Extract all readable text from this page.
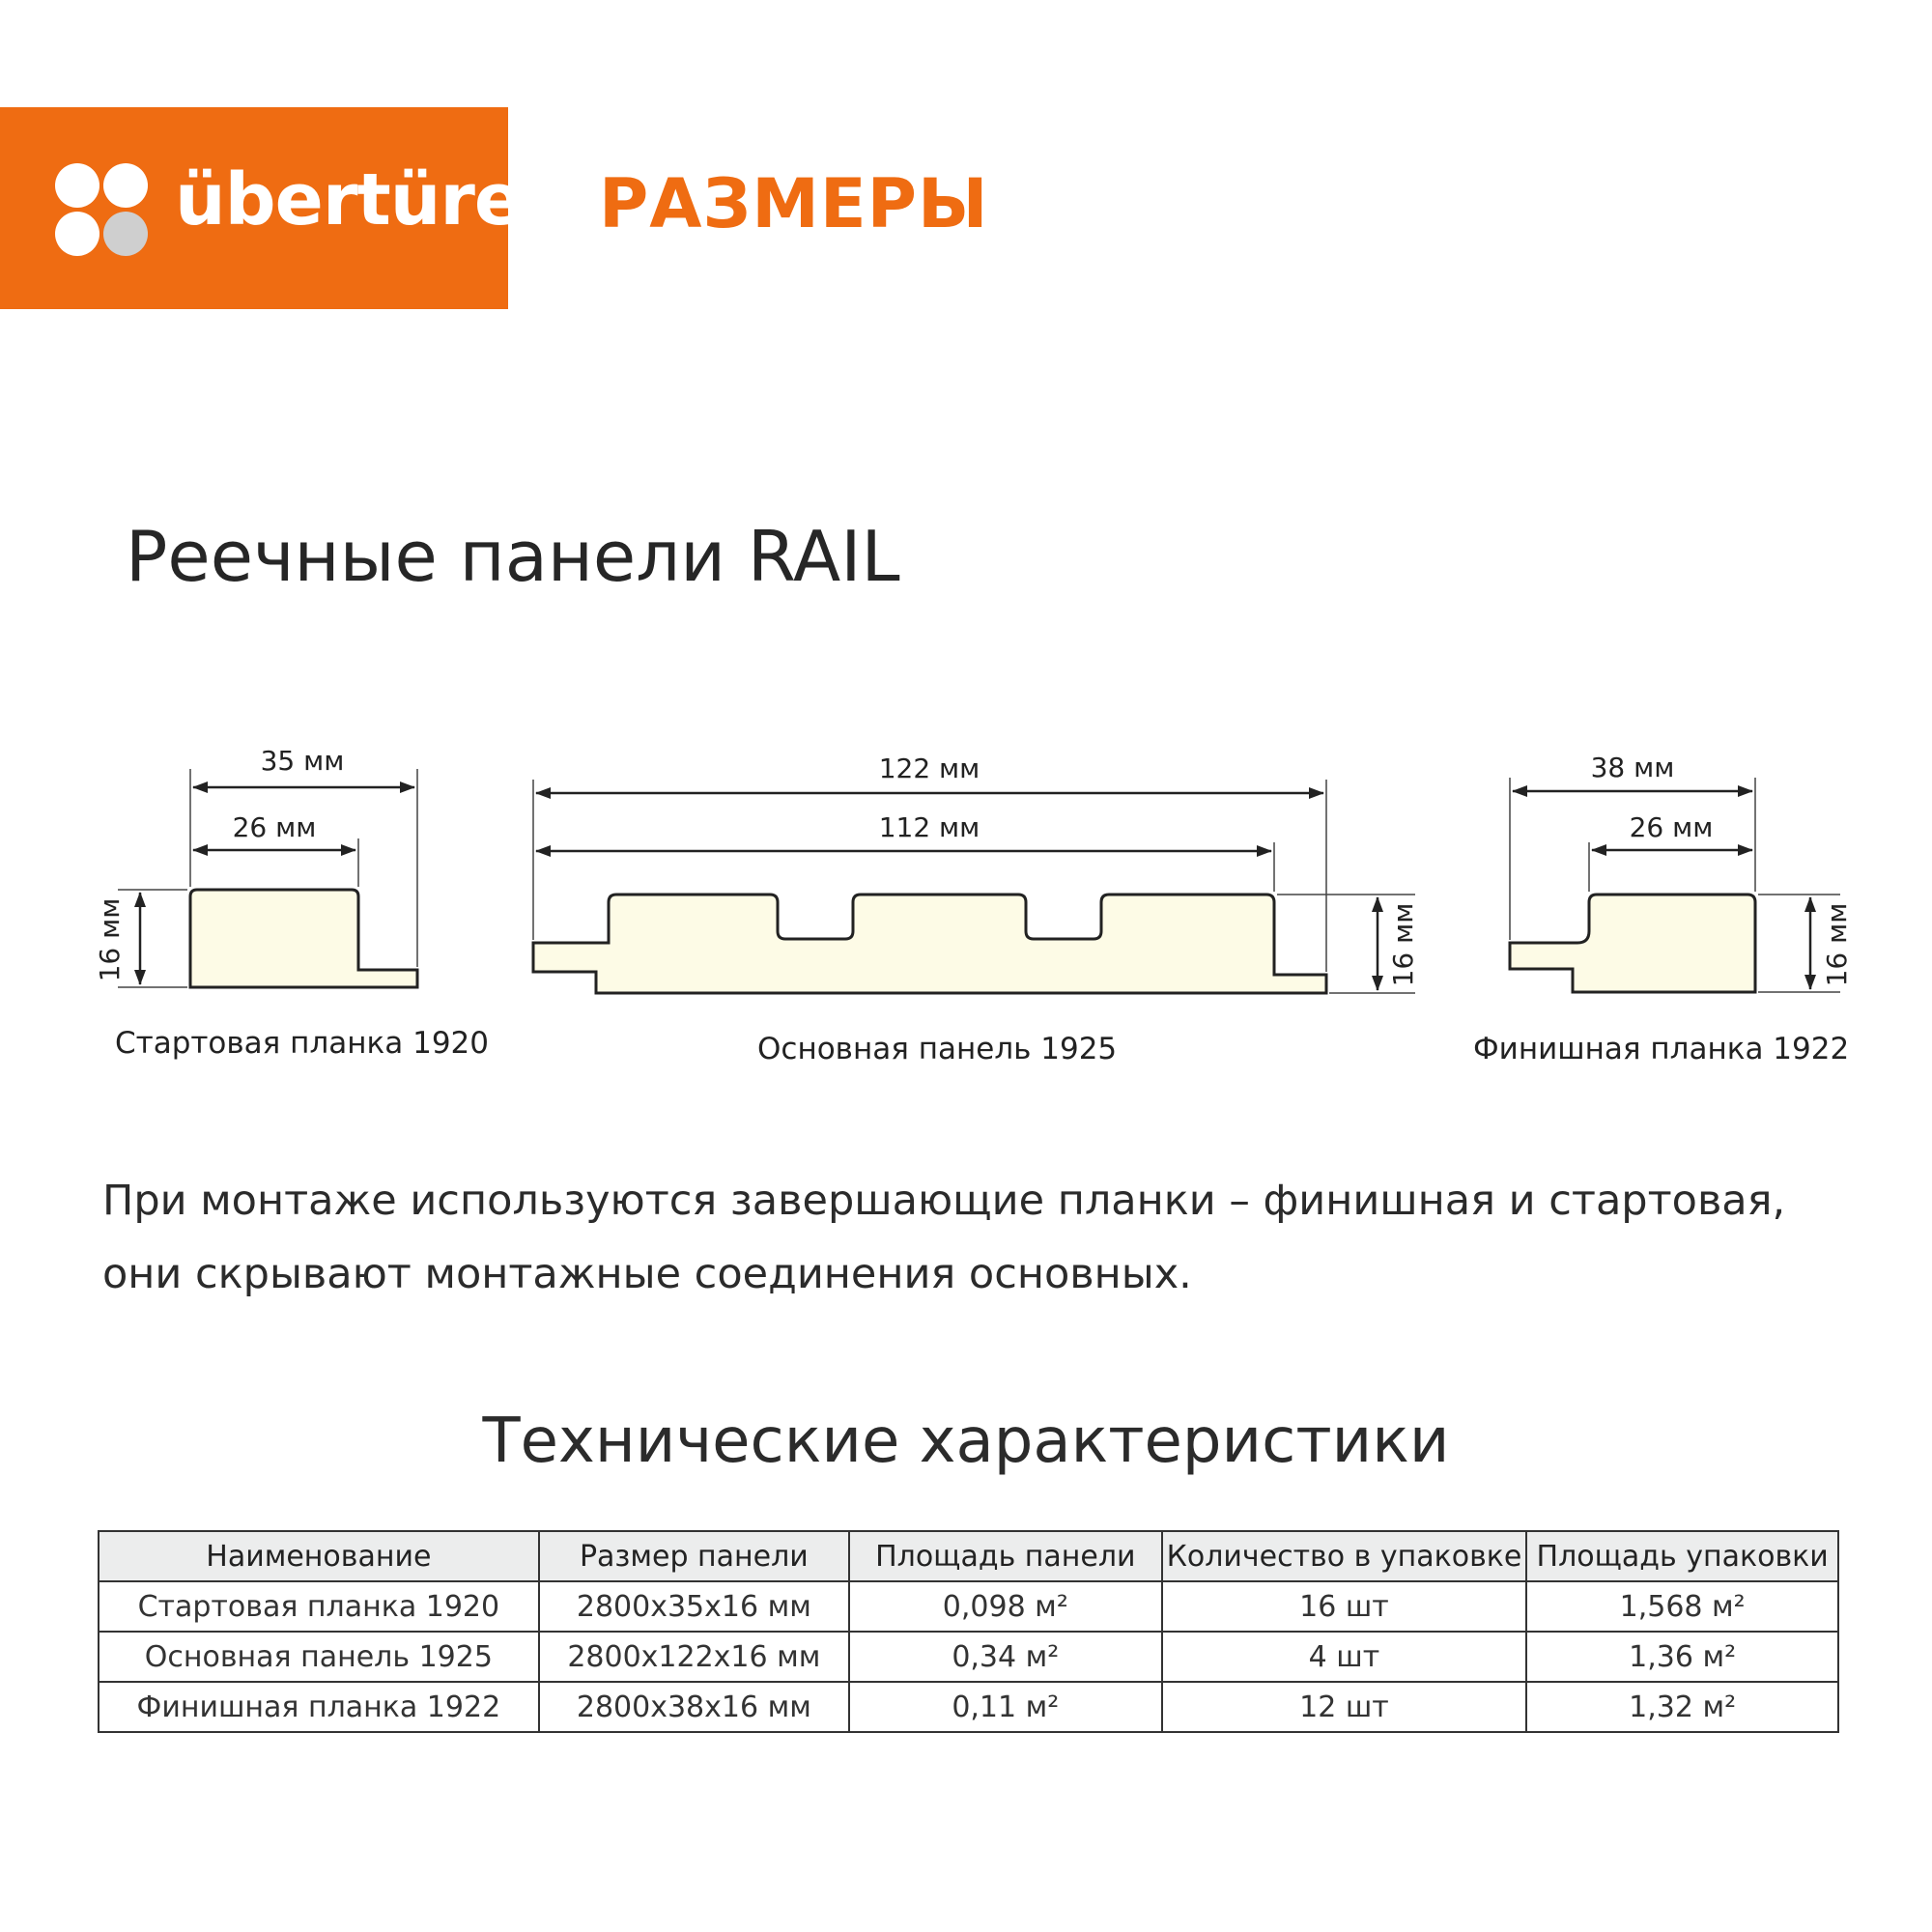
übertüre РАЗМЕРЫ
Реечные панели RAIL
35 мм
26 мм
16 мм
122 мм
112 мм
16 мм
38 мм
26 мм
16 мм
Стартовая планка 1920	Основная панель 1925	Финишная планка 1922
При монтаже используются завершающие планки – финишная и стартовая, они скрывают монтажные соединения основных.
Технические характеристики
Наименование	Размер панели	Площадь панели	Количество в упаковке	Площадь упаковки
Стартовая планка 1920	2800x35x16 мм	0,098 м²	16 шт	1,568 м²
Основная панель 1925	2800x122x16 мм	0,34 м²	4 шт	1,36 м²
Финишная планка 1922	2800x38x16 мм	0,11 м²	12 шт	1,32 м²
